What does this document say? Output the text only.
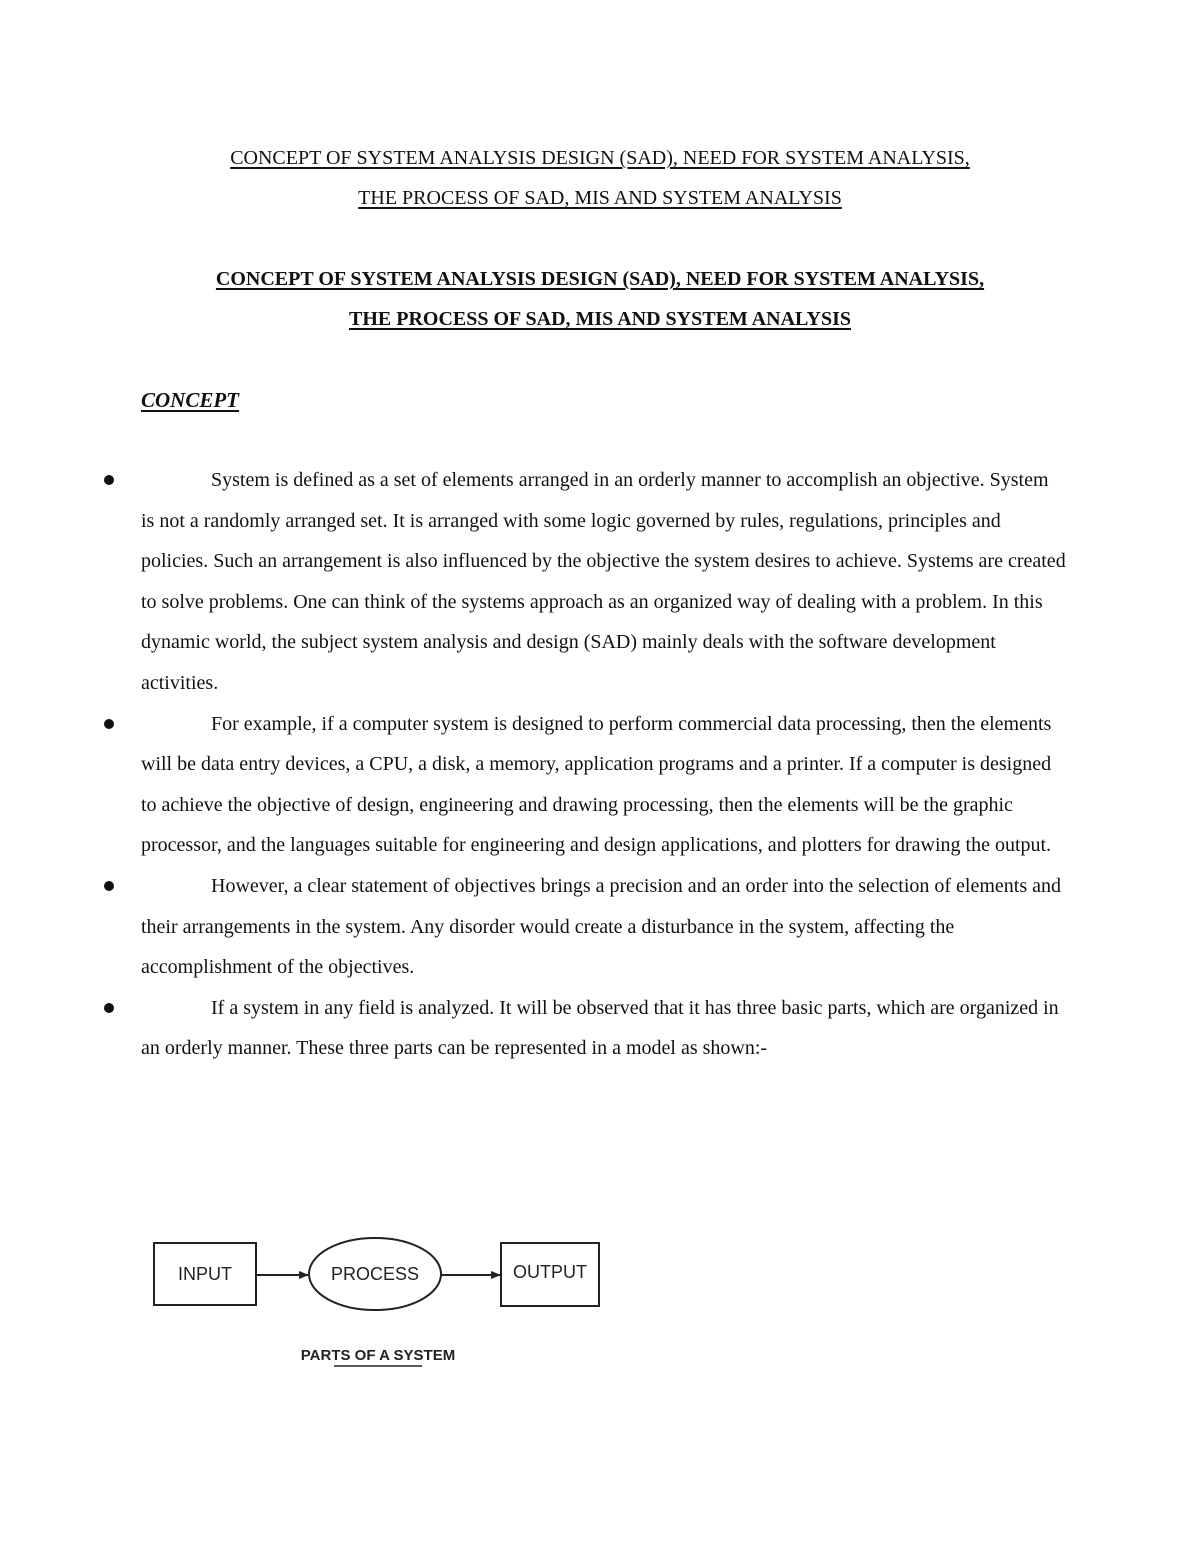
CONCEPT OF SYSTEM ANALYSIS DESIGN (SAD), NEED FOR SYSTEM ANALYSIS,
THE PROCESS OF SAD, MIS AND SYSTEM ANALYSIS
CONCEPT OF SYSTEM ANALYSIS DESIGN (SAD), NEED FOR SYSTEM ANALYSIS,
THE PROCESS OF SAD, MIS AND SYSTEM ANALYSIS
CONCEPT
System is defined as a set of elements arranged in an orderly manner to accomplish an objective. System is not a randomly arranged set. It is arranged with some logic governed by rules, regulations, principles and policies. Such an arrangement is also influenced by the objective the system desires to achieve. Systems are created to solve problems. One can think of the systems approach as an organized way of dealing with a problem. In this dynamic world, the subject system analysis and design (SAD) mainly deals with the software development activities.
For example, if a computer system is designed to perform commercial data processing, then the elements will be data entry devices, a CPU, a disk, a memory, application programs and a printer. If a computer is designed to achieve the objective of design, engineering and drawing processing, then the elements will be the graphic processor, and the languages suitable for engineering and design applications, and plotters for drawing the output.
However, a clear statement of objectives brings a precision and an order into the selection of elements and their arrangements in the system. Any disorder would create a disturbance in the system, affecting the accomplishment of the objectives.
If a system in any field is analyzed. It will be observed that it has three basic parts, which are organized in an orderly manner. These three parts can be represented in a model as shown:-
INPUT	PROCESS	OUTPUT
PARTS OF A SYSTEM
